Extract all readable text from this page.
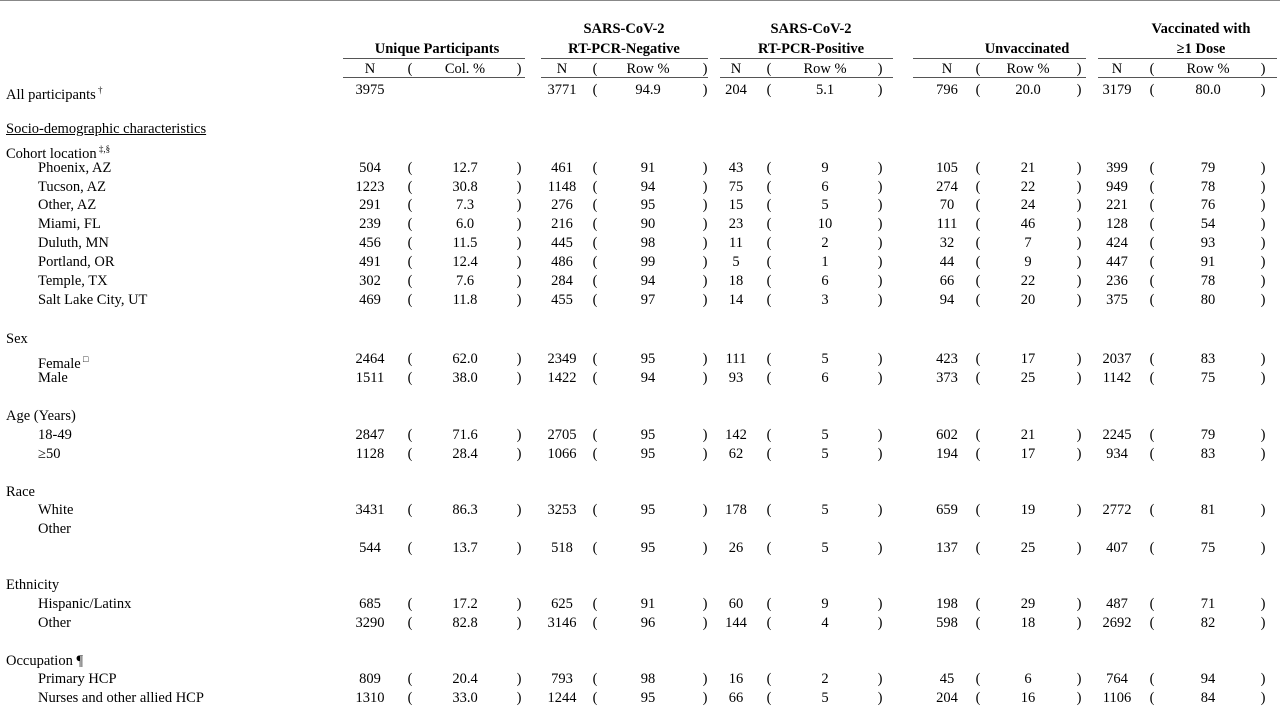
Unique Participants
N ( Col. % )
SARS-CoV-2
RT-PCR-Negative
N ( Row % )
SARS-CoV-2
RT-PCR-Positive
N ( Row % )
Unvaccinated
N ( Row % )
Vaccinated with
≥1 Dose
N ( Row % )
All participants †	3975	3771 (	94.9	) 204 (	5.1	)	796 ( 20.0 ) 3179 (	80.0	)
Socio-demographic characteristics
Cohort location ‡,§
Phoenix, AZ	504 (	12.7	) 461 (	91	) 43 (	9	)	105 (	21	) 399 (	79	)
Tucson, AZ	1223 (	30.8	) 1148 (	94	) 75 (	6	)	274 (	22	) 949 (	78	)
Other, AZ	291 (	7.3	) 276 (	95	) 15 (	5	)	70 (	24	) 221 (	76	)
Miami, FL	239 (	6.0	) 216 (	90	) 23 (	10	)	111 (	46	) 128 (	54	)
Duluth, MN	456 (	11.5	) 445 (	98	) 11 (	2	)	32 (	7	) 424 (	93	)
Portland, OR	491 (	12.4	) 486 (	99	) 5 (	1	)	44 (	9	) 447 (	91	)
Temple, TX	302 (	7.6	) 284 (	94	) 18 (	6	)	66 (	22	) 236 (	78	)
Salt Lake City, UT	469 (	11.8	) 455 (	97	) 14 (	3	)	94 (	20	) 375 (	80	)
Sex
Female □	2464 (	62.0	) 2349 (	95	) 111 (	5	)	423 (	17	) 2037 (	83	)
Male	1511 (	38.0	) 1422 (	94	) 93 (	6	)	373 (	25	) 1142 (	75	)
Age (Years)
18-49	2847 (	71.6	) 2705 (	95	) 142 (	5	)	602 (	21	) 2245 (	79	)
≥50	1128 (	28.4	) 1066 (	95	) 62 (	5	)	194 (	17	) 934 (	83	)
Race
White	3431 (	86.3	) 3253 (	95	) 178 (	5	)	659 (	19	) 2772 (	81	)
Other
544 (	13.7	) 518 (	95	) 26 (	5	)	137 (	25	) 407 (	75	)
Ethnicity
Hispanic/Latinx	685 (	17.2	) 625 (	91	) 60 (	9	)	198 (	29	) 487 (	71	)
Other	3290 (	82.8	) 3146 (	96	) 144 (	4	)	598 (	18	) 2692 (	82	)
Occupation ¶
Primary HCP	809 (	20.4	) 793 (	98	) 16 (	2	)	45 (	6	) 764 (	94	)
Nurses and other allied HCP	1310 (	33.0	) 1244 (	95	) 66 (	5	)	204 (	16	) 1106 (	84	)
